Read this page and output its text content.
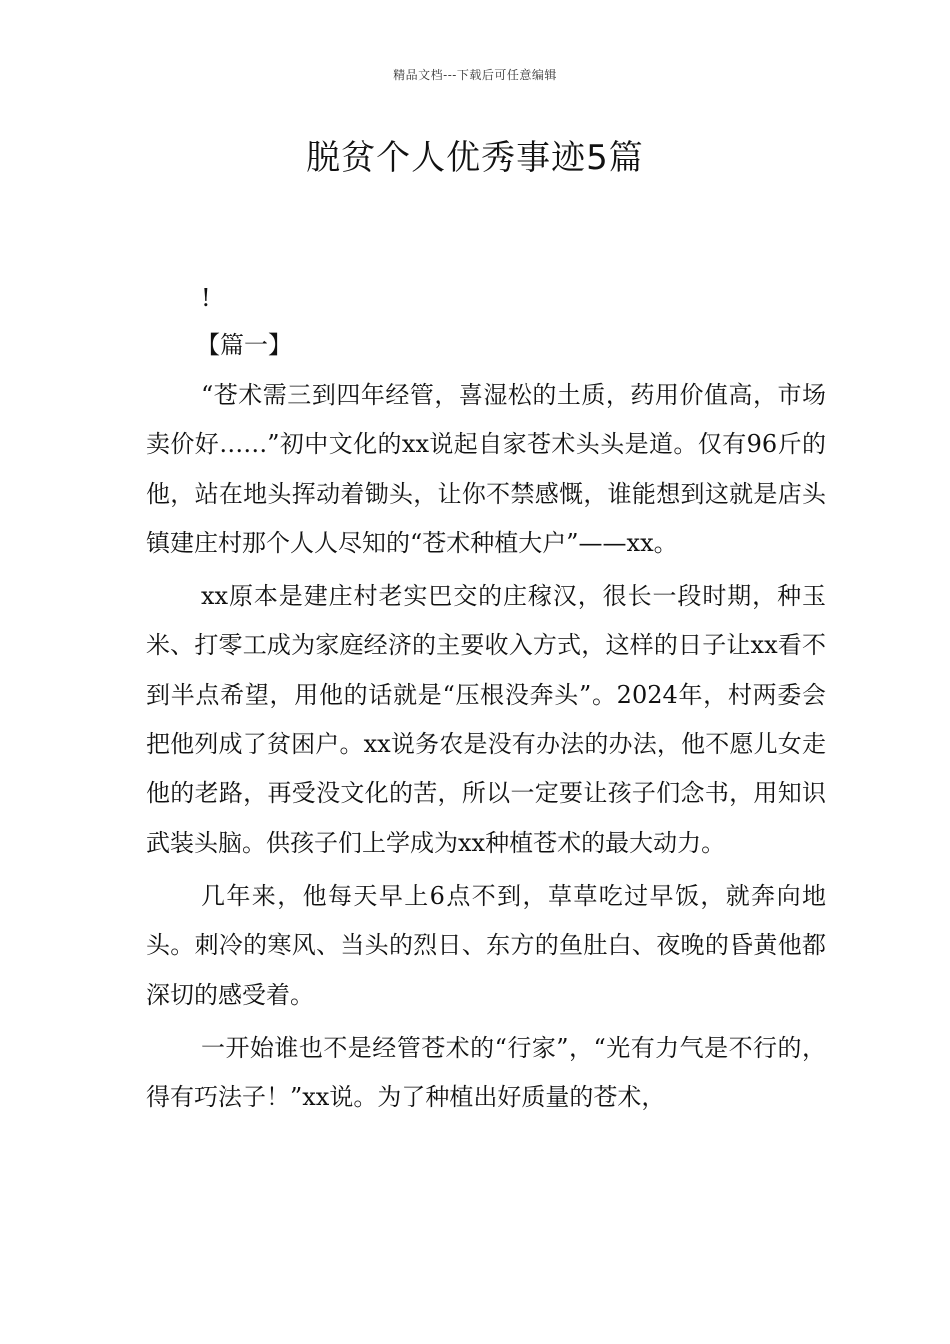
精品文档---下载后可任意编辑
脱贫个人优秀事迹5篇

!

【篇一】

“苍术需三到四年经管，喜湿松的土质，药用价值高，市场卖价好……”初中文化的xx说起自家苍术头头是道。仅有96斤的他，站在地头挥动着锄头，让你不禁感慨，谁能想到这就是店头镇建庄村那个人人尽知的“苍术种植大户”——xx。

xx原本是建庄村老实巴交的庄稼汉，很长一段时期，种玉米、打零工成为家庭经济的主要收入方式，这样的日子让xx看不到半点希望，用他的话就是“压根没奔头”。2024年，村两委会把他列成了贫困户。xx说务农是没有办法的办法，他不愿儿女走他的老路，再受没文化的苦，所以一定要让孩子们念书，用知识武装头脑。供孩子们上学成为xx种植苍术的最大动力。

几年来，他每天早上6点不到，草草吃过早饭，就奔向地头。刺冷的寒风、当头的烈日、东方的鱼肚白、夜晚的昏黄他都深切的感受着。

一开始谁也不是经管苍术的“行家”，“光有力气是不行的，得有巧法子！”xx说。为了种植出好质量的苍术，
